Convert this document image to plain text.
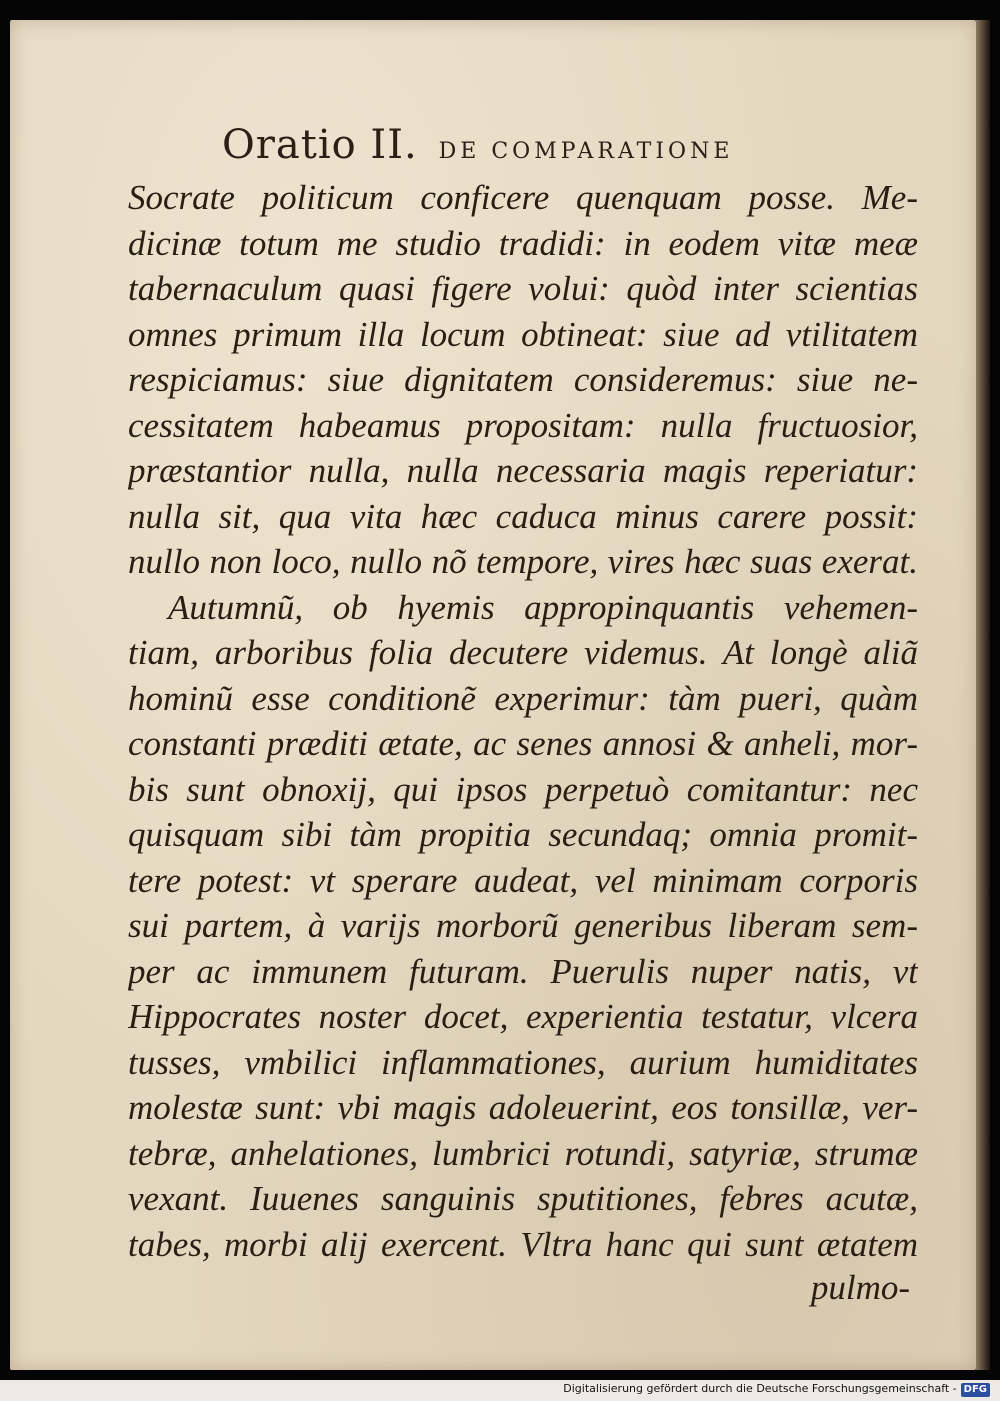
Oratio II. DE COMPARATIONE
Socrate politicum conficere quenquam posse. Me-
dicinæ totum me studio tradidi: in eodem vitæ meæ
tabernaculum quasi figere volui: quòd inter scientias
omnes primum illa locum obtineat: siue ad vtilitatem
respiciamus: siue dignitatem consideremus: siue ne-
cessitatem habeamus propositam: nulla fructuosior,
præstantior nulla, nulla necessaria magis reperiatur:
nulla sit, qua vita hæc caduca minus carere possit:
nullo non loco, nullo nõ tempore, vires hæc suas exerat.
Autumnũ, ob hyemis appropinquantis vehemen-
tiam, arboribus folia decutere videmus. At longè aliã
hominũ esse conditionẽ experimur: tàm pueri, quàm
constanti præditi ætate, ac senes annosi & anheli, mor-
bis sunt obnoxij, qui ipsos perpetuò comitantur: nec
quisquam sibi tàm propitia secundaq; omnia promit-
tere potest: vt sperare audeat, vel minimam corporis
sui partem, à varijs morborũ generibus liberam sem-
per ac immunem futuram. Puerulis nuper natis, vt
Hippocrates noster docet, experientia testatur, vlcera
tusses, vmbilici inflammationes, aurium humiditates
molestæ sunt: vbi magis adoleuerint, eos tonsillæ, ver-
tebræ, anhelationes, lumbrici rotundi, satyriæ, strumæ
vexant. Iuuenes sanguinis sputitiones, febres acutæ,
tabes, morbi alij exercent. Vltra hanc qui sunt ætatem
pulmo-
Digitalisierung gefördert durch die Deutsche Forschungsgemeinschaft - DFG
